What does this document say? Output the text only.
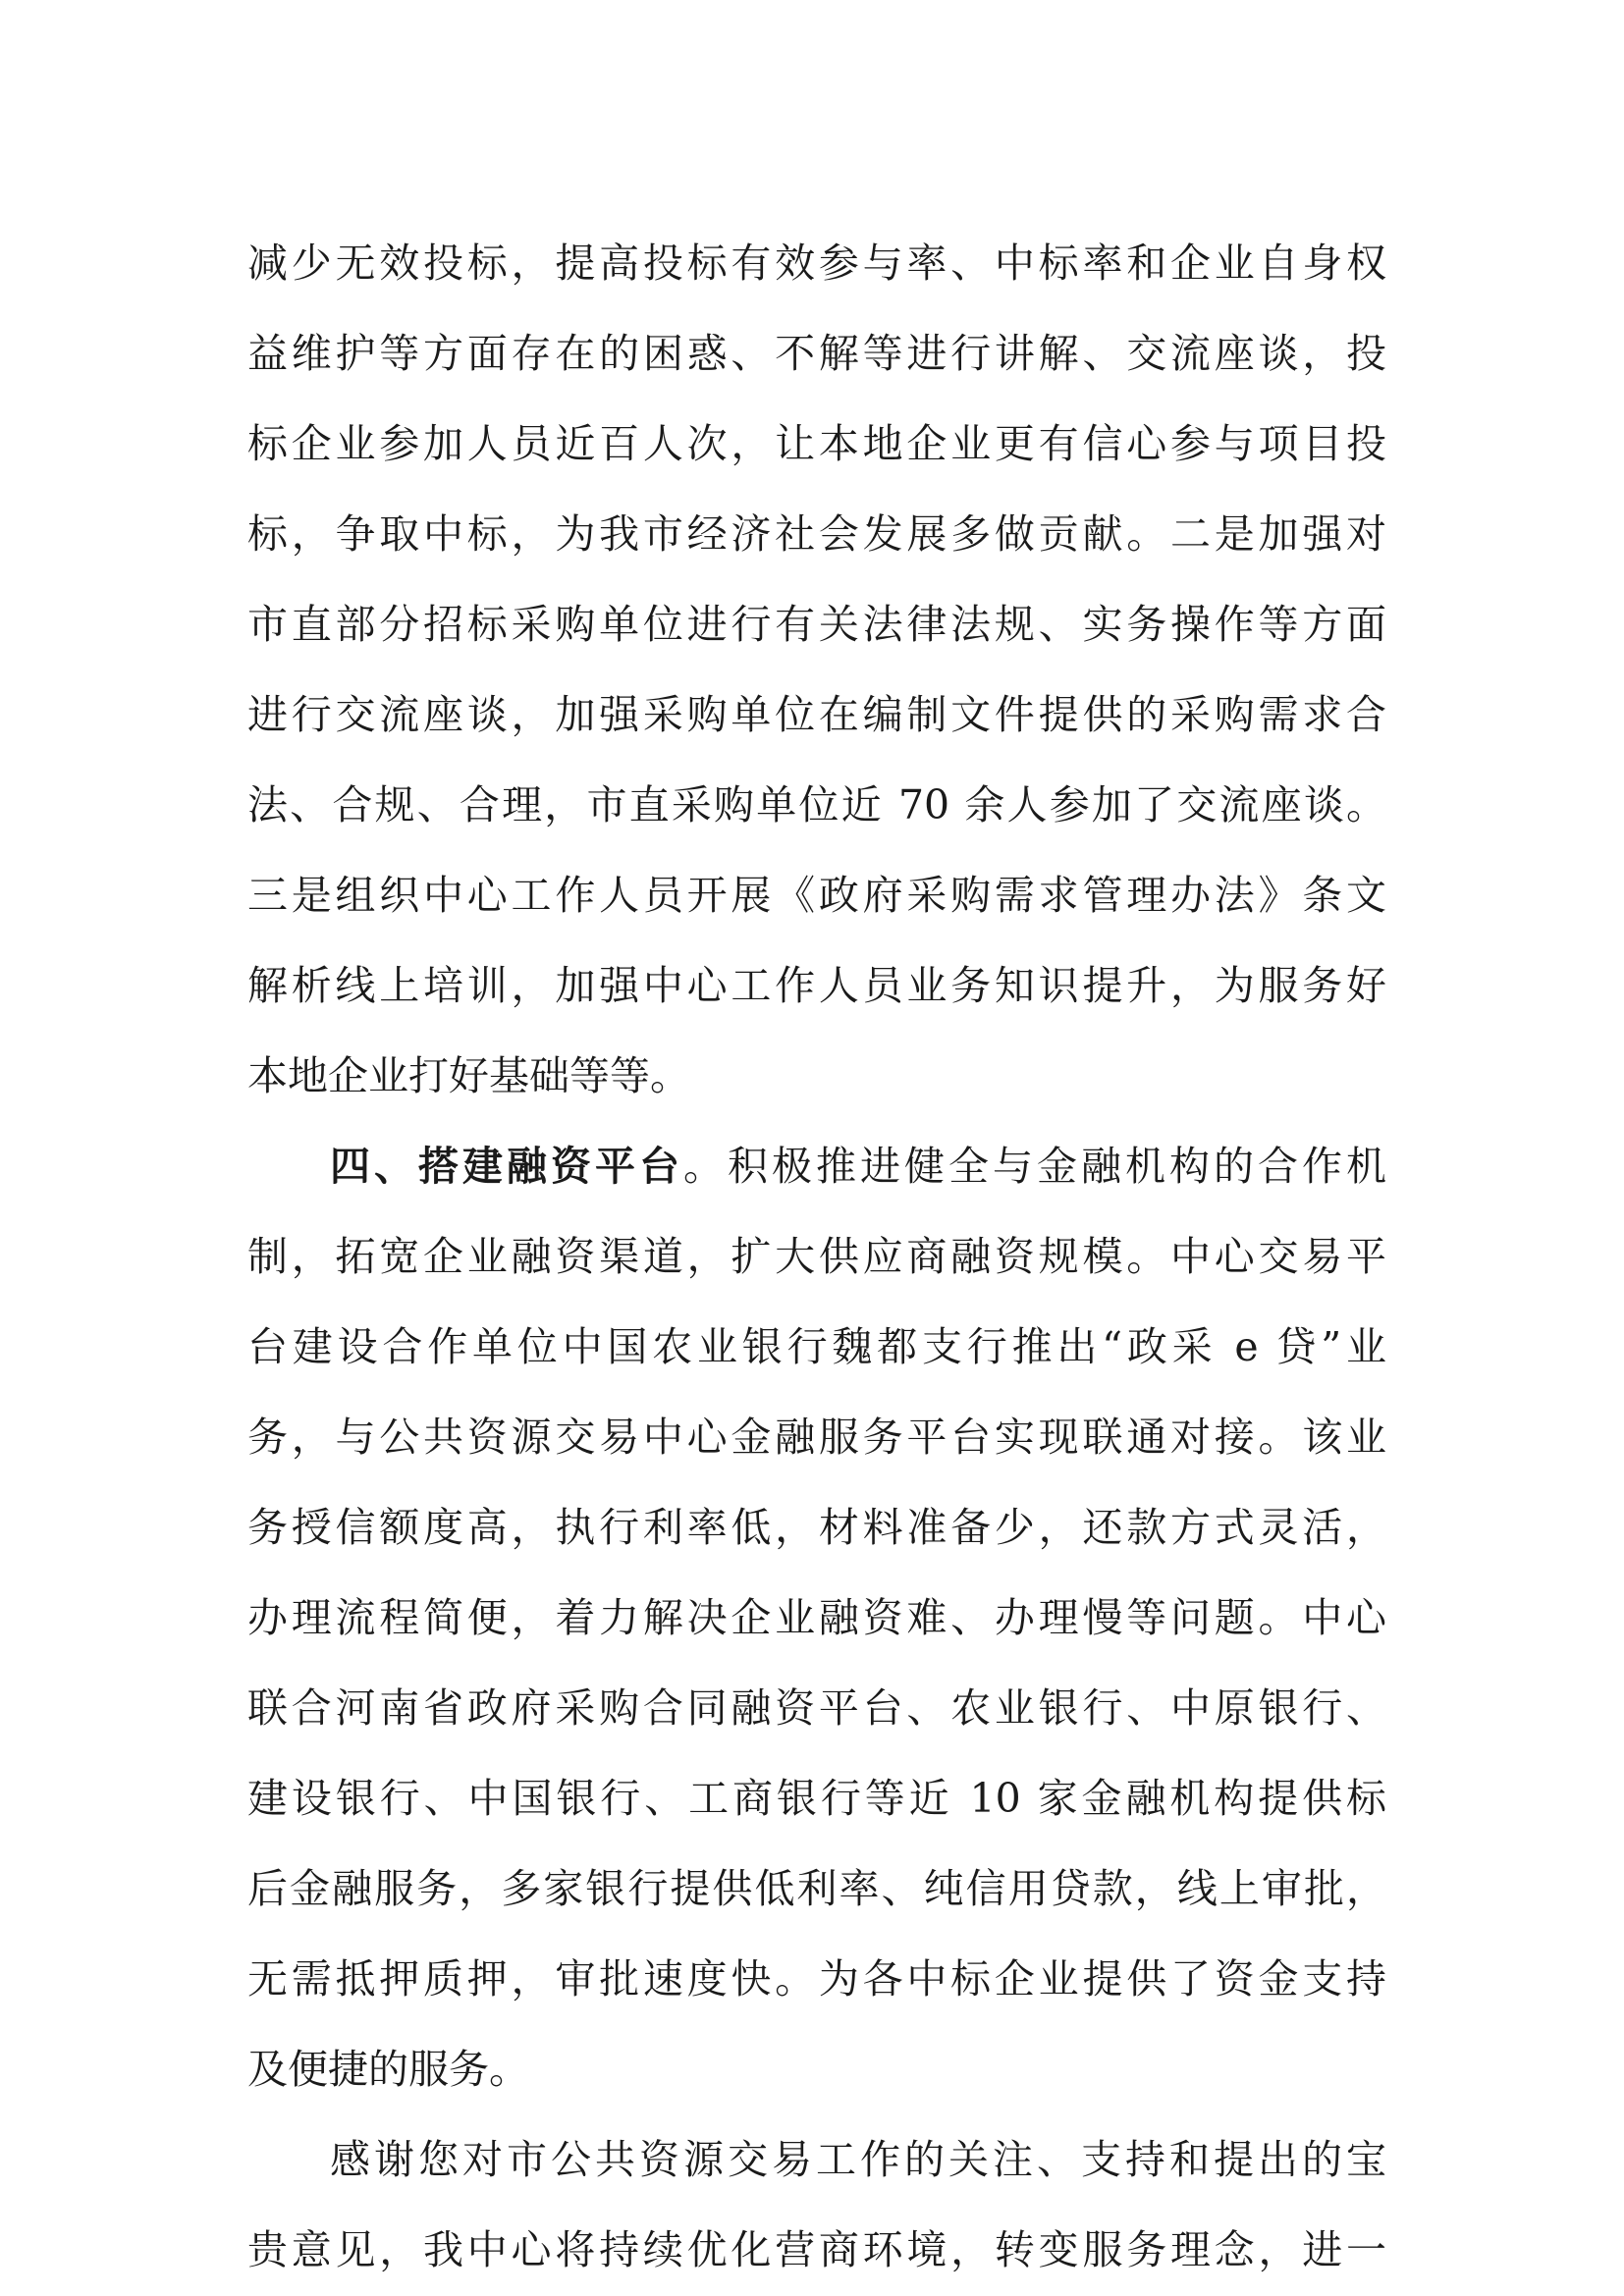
减少无效投标，提高投标有效参与率、中标率和企业自身权
益维护等方面存在的困惑、不解等进行讲解、交流座谈，投
标企业参加人员近百人次，让本地企业更有信心参与项目投
标，争取中标，为我市经济社会发展多做贡献。二是加强对
市直部分招标采购单位进行有关法律法规、实务操作等方面
进行交流座谈，加强采购单位在编制文件提供的采购需求合
法、合规、合理，市直采购单位近 70 余人参加了交流座谈。
三是组织中心工作人员开展《政府采购需求管理办法》条文
解析线上培训，加强中心工作人员业务知识提升，为服务好
本地企业打好基础等等。
四、搭建融资平台。积极推进健全与金融机构的合作机
制，拓宽企业融资渠道，扩大供应商融资规模。中心交易平
台建设合作单位中国农业银行魏都支行推出“政采 e 贷”业
务，与公共资源交易中心金融服务平台实现联通对接。该业
务授信额度高，执行利率低，材料准备少，还款方式灵活，
办理流程简便，着力解决企业融资难、办理慢等问题。中心
联合河南省政府采购合同融资平台、农业银行、中原银行、
建设银行、中国银行、工商银行等近 10 家金融机构提供标
后金融服务，多家银行提供低利率、纯信用贷款，线上审批，
无需抵押质押，审批速度快。为各中标企业提供了资金支持
及便捷的服务。
感谢您对市公共资源交易工作的关注、支持和提出的宝
贵意见，我中心将持续优化营商环境，转变服务理念，进一
